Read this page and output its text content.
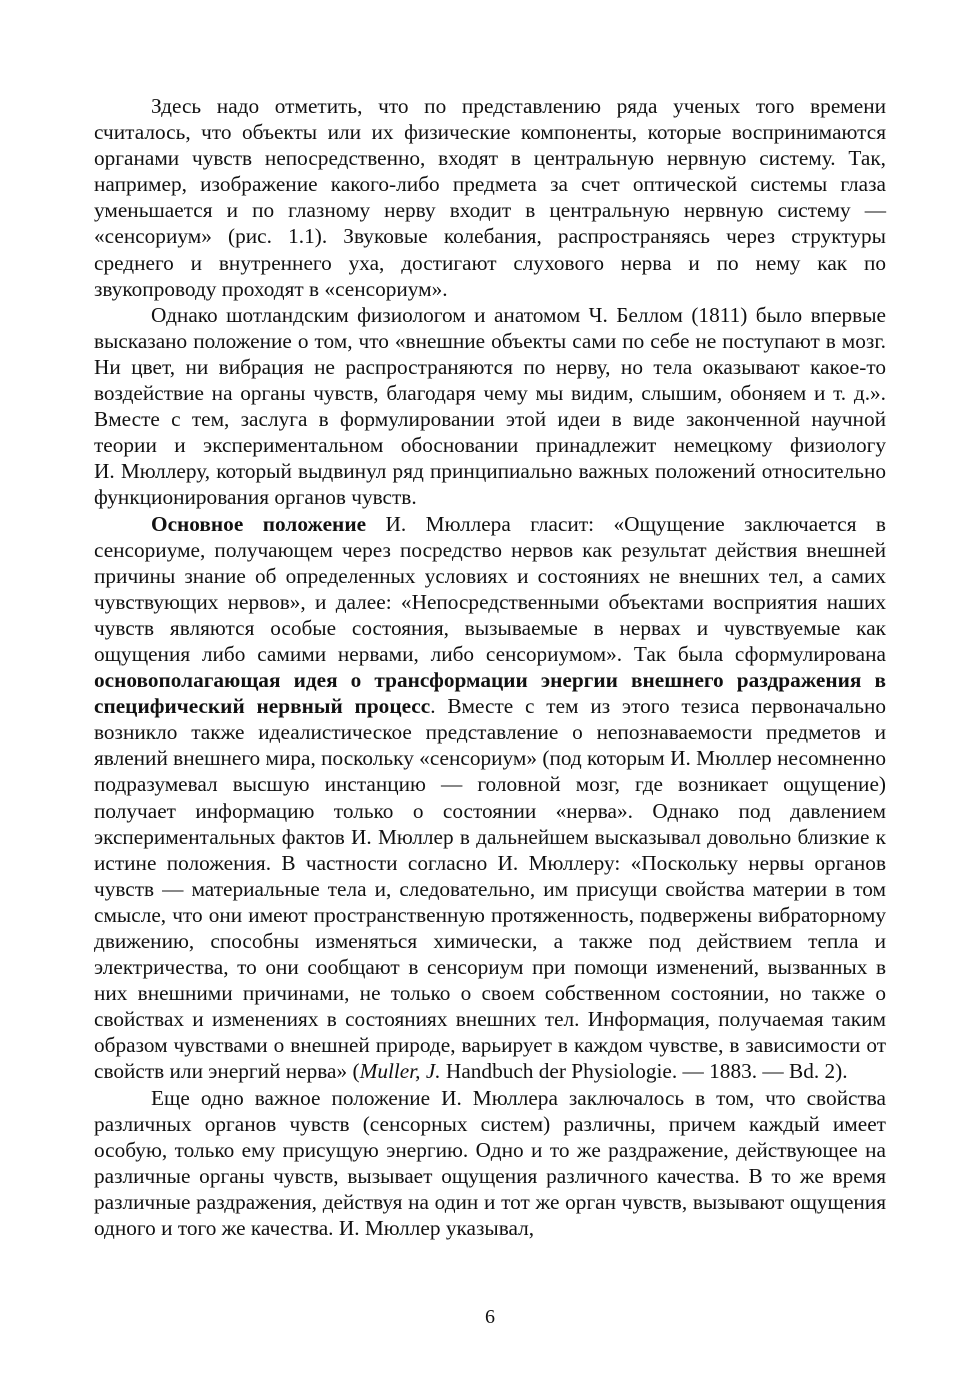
Здесь надо отметить, что по представлению ряда ученых того времени считалось, что объекты или их физические компоненты, которые воспринимaются органами чувств непосредственно, входят в центральную нервную систему. Так, например, изображение какого-либо предмета за счет оптической системы глаза уменьшается и по глазному нерву входит в центральную нервную систему — «сенсориум» (рис. 1.1). Звуковые колебания, распространяясь через структуры среднего и внутреннего уха, достигают слухового нерва и по нему как по звукопроводу проходят в «сенсориум».

Однако шотландским физиологом и анатомом Ч. Беллом (1811) было впервые высказано положение о том, что «внешние объекты сами по себе не поступают в мозг. Ни цвет, ни вибрация не распространяются по нерву, но тела оказывают какое-то воздействие на органы чувств, благодаря чему мы видим, слышим, обоняем и т. д.». Вместе с тем, заслуга в формулировании этой идеи в виде законченной научной теории и экспериментальном обосновании принадлежит немецкому физиологу И. Мюллеру, который выдвинул ряд принципиально важных положений относительно функционирования органов чувств.

Основное положение И. Мюллера гласит: «Ощущение заключается в сенсориуме, получающем через посредство нервов как результат действия внешней причины знание об определенных условиях и состояниях не внешних тел, а самих чувствующих нервов», и далее: «Непосредственными объектами восприятия наших чувств являются особые состояния, вызываемые в нервах и чувствуемые как ощущения либо самими нервами, либо сенсориумом». Так была сформулирована основополагающая идея о трансформации энергии внешнего раздражения в специфический нервный процесс. Вместе с тем из этого тезиса первоначально возникло также идеалистическое представление о непознаваемости предметов и явлений внешнего мира, поскольку «сенсориум» (под которым И. Мюллер несомненно подразумевал высшую инстанцию — головной мозг, где возникает ощущение) получает информацию только о состоянии «нерва». Однако под давлением экспериментальных фактов И. Мюллер в дальнейшем высказывал довольно близкие к истине положения. В частности согласно И. Мюллеру: «Поскольку нервы органов чувств — материальные тела и, следовательно, им присущи свойства материи в том смысле, что они имеют пространственную протяженность, подвержены вибраторному движению, способны изменяться химически, а также под действием тепла и электричества, то они сообщают в сенсориум при помощи изменений, вызванных в них внешними причинами, не только о своем собственном состоянии, но также о свойствах и изменениях в состояниях внешних тел. Информация, получаемая таким образом чувствами о внешней природе, варьирует в каждом чувстве, в зависимости от свойств или энергий нерва» (Muller, J. Handbuch der Physiologie. — 1883. — Bd. 2).

Еще одно важное положение И. Мюллера заключалось в том, что свойства различных органов чувств (сенсорных систем) различны, причем каждый имеет особую, только ему присущую энергию. Одно и то же раздражение, действующее на различные органы чувств, вызывает ощущения различного качества. В то же время различные раздражения, действуя на один и тот же орган чувств, вызывают ощущения одного и того же качества. И. Мюллер указывал,

6
